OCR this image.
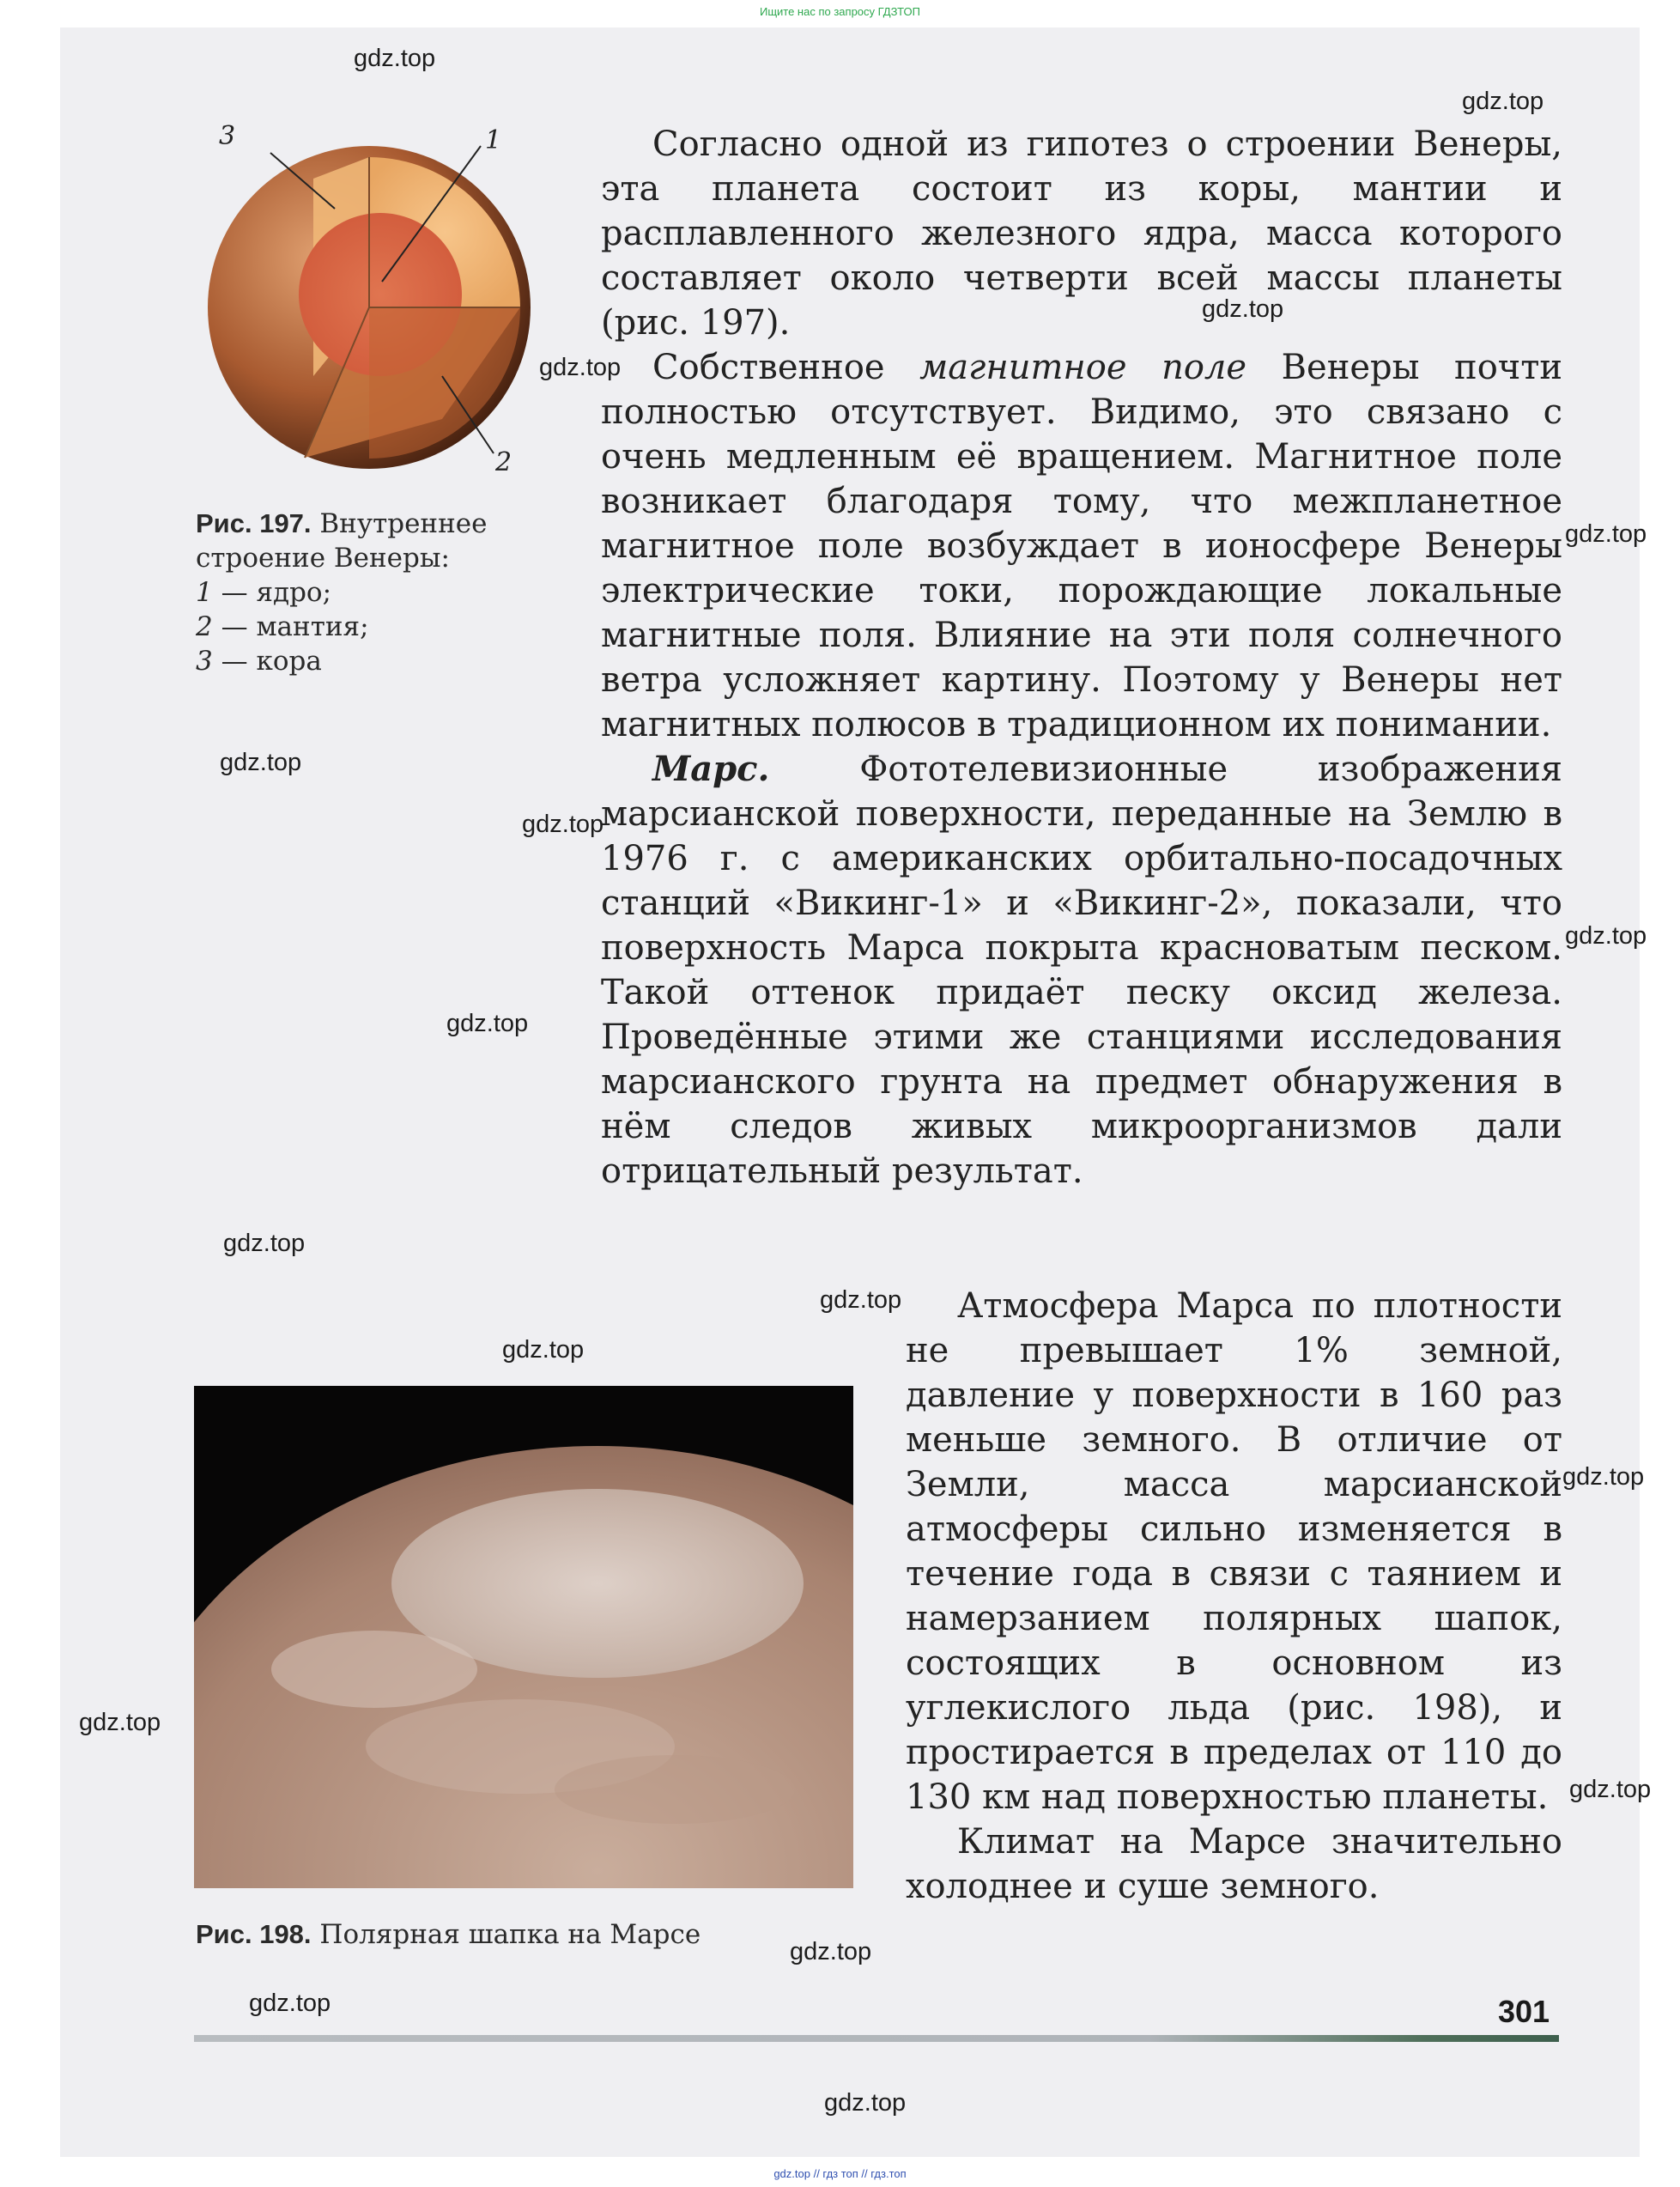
Ищите нас по запросу ГДЗТОП
1
2
3
Рис. 197. Внутреннее строение Венеры:
1 — ядро;
2 — мантия;
3 — кора

Согласно одной из гипотез о строении Венеры, эта планета состоит из коры, мантии и расплавленного железного ядра, масса которого составляет около четверти всей массы планеты (рис. 197).

Собственное магнитное поле Венеры почти полностью отсутствует. Видимо, это связано с очень медленным её вращением. Магнитное поле возникает благодаря тому, что межпланетное магнитное поле возбуждает в ионосфере Венеры электрические токи, порождающие локальные магнитные поля. Влияние на эти поля солнечного ветра усложняет картину. Поэтому у Венеры нет магнитных полюсов в традиционном их понимании.

Марс. Фототелевизионные изображения марсианской поверхности, переданные на Землю в 1976 г. с американских орбитально-посадочных станций «Викинг-1» и «Викинг-2», показали, что поверхность Марса покрыта красноватым песком. Такой оттенок придаёт песку оксид железа. Проведённые этими же станциями исследования марсианского грунта на предмет обнаружения в нём следов живых микроорганизмов дали отрицательный результат.

Рис. 198. Полярная шапка на Марсе

Атмосфера Марса по плотности не превышает 1% земной, давление у поверхности в 160 раз меньше земного. В отличие от Земли, масса марсианской атмосферы сильно изменяется в течение года в связи с таянием и намерзанием полярных шапок, состоящих в основном из углекислого льда (рис. 198), и простирается в пределах от 110 до 130 км над поверхностью планеты.

Климат на Марсе значительно холоднее и суше земного.

301
gdz.top
gdz.top
gdz.top
gdz.top
gdz.top
gdz.top
gdz.top
gdz.top
gdz.top
gdz.top
gdz.top
gdz.top
gdz.top
gdz.top
gdz.top
gdz.top
gdz.top
gdz.top
gdz.top // гдз топ // гдз.топ
